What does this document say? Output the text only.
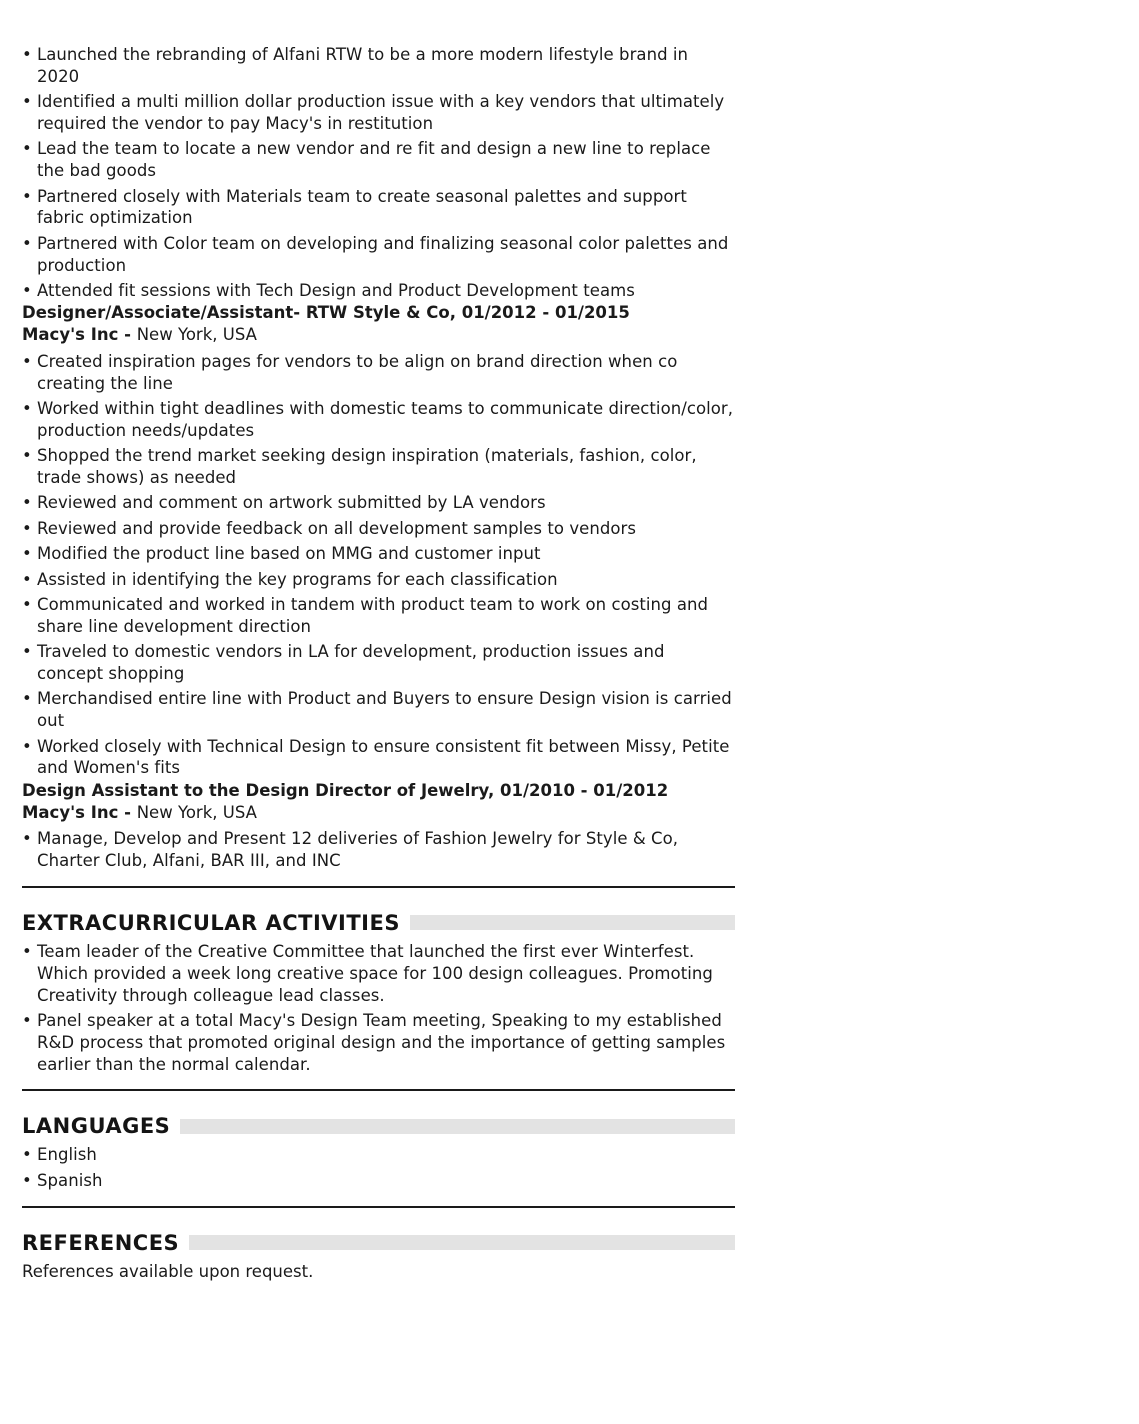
• Launched the rebranding of Alfani RTW to be a more modern lifestyle brand in 2020
• Identified a multi million dollar production issue with a key vendors that ultimately required the vendor to pay Macy's in restitution
• Lead the team to locate a new vendor and re fit and design a new line to replace the bad goods
• Partnered closely with Materials team to create seasonal palettes and support fabric optimization
• Partnered with Color team on developing and finalizing seasonal color palettes and production
• Attended fit sessions with Tech Design and Product Development teams
Designer/Associate/Assistant- RTW Style & Co, 01/2012 - 01/2015
Macy's Inc - New York, USA
• Created inspiration pages for vendors to be align on brand direction when co creating the line
• Worked within tight deadlines with domestic teams to communicate direction/color, production needs/updates
• Shopped the trend market seeking design inspiration (materials, fashion, color, trade shows) as needed
• Reviewed and comment on artwork submitted by LA vendors
• Reviewed and provide feedback on all development samples to vendors
• Modified the product line based on MMG and customer input
• Assisted in identifying the key programs for each classification
• Communicated and worked in tandem with product team to work on costing and share line development direction
• Traveled to domestic vendors in LA for development, production issues and concept shopping
• Merchandised entire line with Product and Buyers to ensure Design vision is carried out
• Worked closely with Technical Design to ensure consistent fit between Missy, Petite and Women's fits
Design Assistant to the Design Director of Jewelry, 01/2010 - 01/2012
Macy's Inc - New York, USA
• Manage, Develop and Present 12 deliveries of Fashion Jewelry for Style & Co, Charter Club, Alfani, BAR III, and INC
EXTRACURRICULAR ACTIVITIES
• Team leader of the Creative Committee that launched the first ever Winterfest. Which provided a week long creative space for 100 design colleagues. Promoting Creativity through colleague lead classes.
• Panel speaker at a total Macy's Design Team meeting, Speaking to my established R&D process that promoted original design and the importance of getting samples earlier than the normal calendar.
LANGUAGES
• English
• Spanish
REFERENCES

References available upon request.
